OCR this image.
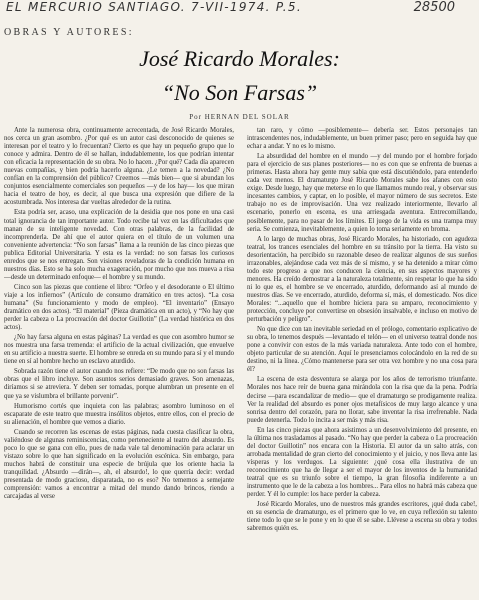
EL MERCURIO SANTIAGO. 7-VII-1974. P.5.	28500
OBRAS Y AUTORES:
José Ricardo Morales:
“No Son Farsas”
Por HERNAN DEL SOLAR

Ante la numerosa obra, continuamente acrecentada, de José Ricardo Morales, nos cerca un gran asombro. ¿Por qué es un autor casi desconocido de quienes se interesan por el teatro y lo frecuentan? Cierto es que hay un pequeño grupo que lo conoce y admira. Dentro de él se hallan, indudablemente, los que podrían intentar con eficacia la representación de su obra. No lo hacen. ¿Por qué? Cada día aparecen nuevas compañías, y bien podría hacerlo alguna. ¿Le temen a la novedad? ¿No confían en la comprensión del público? Creemos —más bien— que si abundan los conjuntos esencialmente comerciales son pequeños —y de los hay— los que miran hacia el teatro de hoy, es decir, al que busca una expresión que difiere de la acostumbrada. Nos interesa dar vueltas alrededor de la rutina.

Esta podría ser, acaso, una explicación de la desidia que nos pone en una casi total ignorancia de tan importante autor. Todo recibe tal vez en las dificultades que manan de su inteligente novedad. Con otras palabras, de la facilidad de incomprenderla. De ahí que el autor quiera en el título de un volumen una conveniente advertencia: “No son farsas” llama a la reunión de las cinco piezas que publica Editorial Universitaria. Y esta es la verdad: no son farsas los curiosos enredos que se nos entregan. Son visiones reveladoras de la condición humana en nuestros días. Esto se ha solo mucha exageración, por mucho que nos mueva a risa —desde un determinado enfoque— el hombre y su mundo.

Cinco son las piezas que contiene el libro: “Orfeo y el desodorante o El último viaje a los infiernos” (Artículo de consumo dramático en tres actos). “La cosa humana” (Su funcionamiento y modo de empleo). “El inventario” (Ensayo dramático en dos actos). “El material” (Pieza dramática en un acto), y “No hay que perder la cabeza o La procreación del doctor Guillotin” (La verdad histórica en dos actos).

¿No hay farsa alguna en estas páginas? La verdad es que con asombro humor se nos muestra una farsa tremenda: el artificio de la actual civilización, que envuelve en su artificio a nuestra suerte. El hombre se enreda en su mundo para sí y el mundo tiene en sí al hombre hecho un esclavo aturdido.

Sobrada razón tiene el autor cuando nos refiere: “De modo que no son farsas las obras que el libro incluye. Son asuntos serios demasiado graves. Son amenazas, diríamos si se atreviera. Y deben ser tomadas, porque alumbran un presente en el que ya se vislumbra el brillante porvenir”.

Humorismo cortés que inquieta con las palabras; asombro luminoso en el escaparate de este teatro que muestra insólitos objetos, entre ellos, con el precio de su alienación, el hombre que vemos a diario.

Cuando se recorren las escenas de estas páginas, nada cuesta clasificar la obra, valiéndose de algunas reminiscencias, como perteneciente al teatro del absurdo. Es poco lo que se gana con ello, pues de nada vale tal denominación para aclarar un vistazo sobre lo que han significado en la evolución escénica. Sin embargo, para muchos habrá de constituir una especie de brújula que los oriente hacia la tranquilidad. ¿Absurdo —dirán—, ah, el absurdo!, lo que querría decir: verdad presentada de modo gracioso, disparatada, no es eso? No tememos a semejante comprensión: vamos a encontrar a mitad del mundo dando brincos, riendo a carcajadas al verse

tan raro, y cómo —posiblemente— debería ser. Estos personajes tan intrascendentes nos, indudablemente, un buen primer paso; pero en seguida hay que echar a andar. Y no es lo mismo.

La absurdidad del hombre en el mundo —y del mundo por el hombre forjado para el ejercicio de sus planes posteriores— no es con que se enfrenta de buenas a primeras. Hasta ahora hay gente muy sabia que está discutiéndolo, para entenderlo cada vez menos. El dramaturgo José Ricardo Morales sabe los afanes con esto exige. Desde luego, hay que meterse en lo que llamamos mundo real, y observar sus incesantes cambios, y captar, en lo posible, el mayor número de sus secretos. Este trabajo no es de improvisación. Una vez realizado interiormente, llevarlo al escenario, ponerlo en escena, es una arriesgada aventura. Entrecomillando, posiblemente, para no pasar de los límites. El juego de la vida es una trampa muy seria. Se comienza, inevitablemente, a quien lo toma seriamente en broma.

A lo largo de muchas obras, José Ricardo Morales, ha historiado, con agudeza teatral, los trances esenciales del hombre en su tránsito por la tierra. Ha visto su desorientación, ha percibido su razonable deseo de realizar algunos de sus sueños irrazonables, alejándose cada vez más de sí mismo, y se ha detenido a mirar cómo todo este progreso a que nos conducen la ciencia, en sus aspectos mayores y menores. Ha creído demostrar a la naturaleza totalmente, sin respetar lo que ha sido ni lo que es, el hombre se ve encerrado, aturdido, deformando así al mundo de nuestros días. Se ve encerrado, aturdido, deforma sí, más, el domesticado. Nos dice Morales: “...aquello que el hombre hiciera para su amparo, reconocimiento y protección, concluye por convertirse en obsesión insalvable, e incluso en motivo de perturbación y peligro”.

No que dice con tan inevitable seriedad en el prólogo, comentario explicativo de su obra, lo tenemos después —levantado el telón— en el universo teatral donde nos pone a convivir con estos de la más variada naturaleza. Ante todo con el hombre, objeto particular de su atención. Aquí le presenciamos colocándolo en la red de su destino, ni la línea. ¿Cómo mantenerse para ser otra vez hombre y no una cosa para él?

La escena de esta desventura se alarga por los años de terrorismo triunfante. Morales nos hace reír de buena gana mirándola con la risa que da la pena. Podría decirse —para escandalizar de medio— que el dramaturgo se prodigamente realiza. Ver la realidad del absurdo es poner ojos metafísicos de muy largo alcance y una sonrisa dentro del corazón, para no llorar, sabe inventar la risa irrefrenable. Nada puede detenerla. Todo lo incita a ser más y más risa.

En las cinco piezas que ahora asistimos a un desenvolvimiento del presente, en la última nos trasladamos al pasado. “No hay que perder la cabeza o La procreación del doctor Guillotin” nos encara con la Historia. El autor da un salto atrás, con arrobada mentalidad de gran cierto del conocimiento y el juicio, y nos lleva ante las vísperas y los verdugos. La siguiente: ¿qué cosa ella ilustrativa de un reconocimiento que ha de llegar a ser el mayor de los inventos de la humanidad teatral que es su triunfo sobre el tiempo, la gran filosofía indiferente a un instrumento que le de la cabeza a los hombres... Para ellos no habrá más cabeza que perder. Y él lo cumple: los hace perder la cabeza.

José Ricardo Morales, uno de nuestros más grandes escritores, ¡qué duda cabe!, en su esencia de dramaturgo, es el primero que lo ve, en cuya reflexión su talento tiene todo lo que se le pone y en lo que él se sabe. Llévese a escena su obra y todos sabremos quién es.
